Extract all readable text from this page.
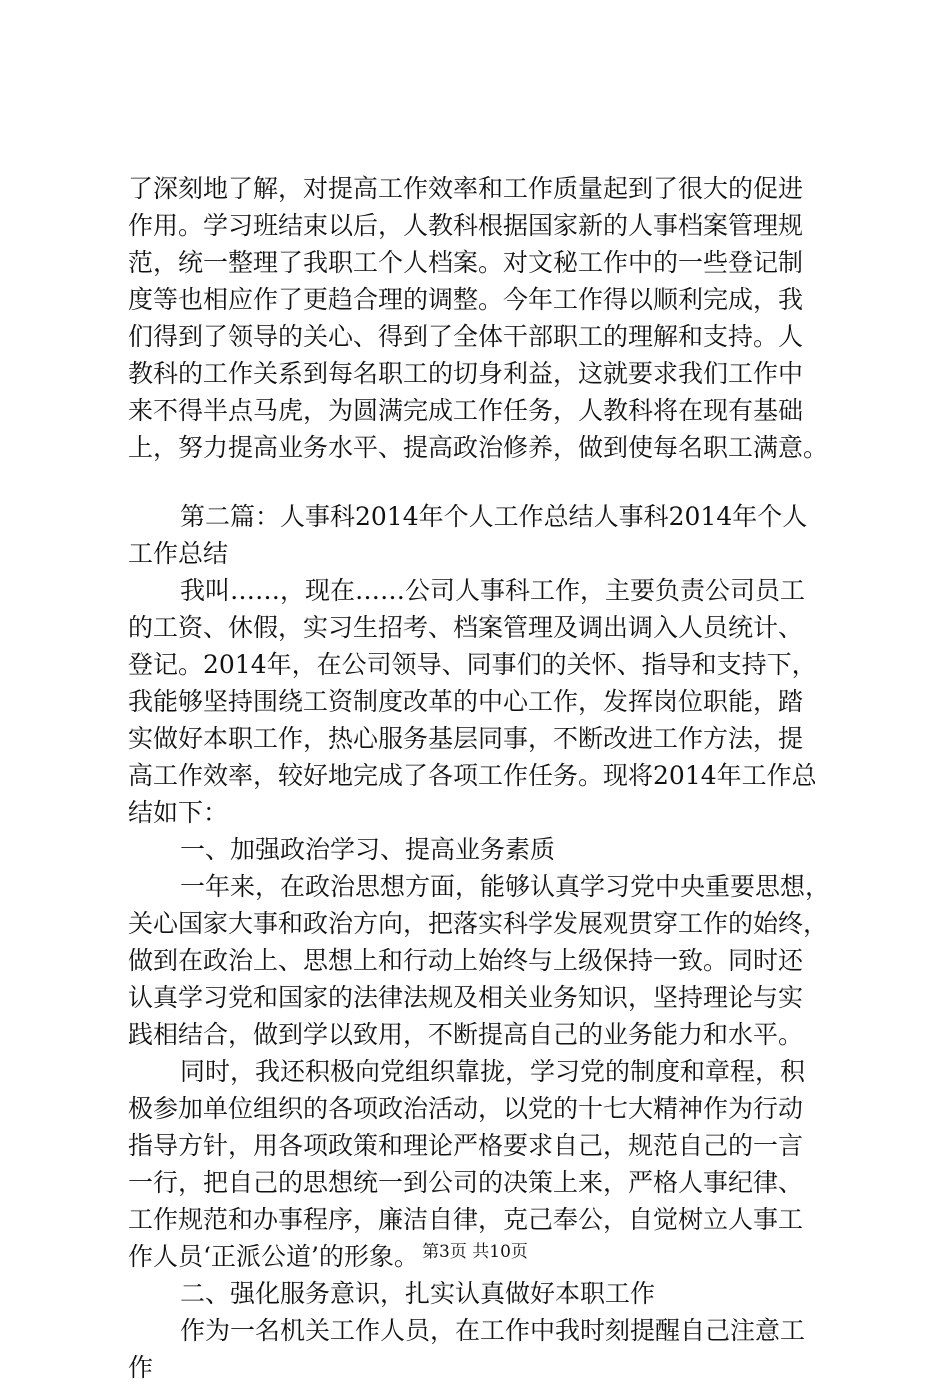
了深刻地了解，对提高工作效率和工作质量起到了很大的促进
作用。学习班结束以后，人教科根据国家新的人事档案管理规
范，统一整理了我职工个人档案。对文秘工作中的一些登记制
度等也相应作了更趋合理的调整。今年工作得以顺利完成，我
们得到了领导的关心、得到了全体干部职工的理解和支持。人
教科的工作关系到每名职工的切身利益，这就要求我们工作中
来不得半点马虎，为圆满完成工作任务，人教科将在现有基础
上，努力提高业务水平、提高政治修养，做到使每名职工满意。
第二篇：人事科2014年个人工作总结人事科2014年个人
工作总结
我叫……，现在……公司人事科工作，主要负责公司员工
的工资、休假，实习生招考、档案管理及调出调入人员统计、
登记。2014年，在公司领导、同事们的关怀、指导和支持下，
我能够坚持围绕工资制度改革的中心工作，发挥岗位职能，踏
实做好本职工作，热心服务基层同事，不断改进工作方法，提
高工作效率，较好地完成了各项工作任务。现将2014年工作总
结如下：
一、加强政治学习、提高业务素质
一年来，在政治思想方面，能够认真学习党中央重要思想，
关心国家大事和政治方向，把落实科学发展观贯穿工作的始终，
做到在政治上、思想上和行动上始终与上级保持一致。同时还
认真学习党和国家的法律法规及相关业务知识，坚持理论与实
践相结合，做到学以致用，不断提高自己的业务能力和水平。
同时，我还积极向党组织靠拢，学习党的制度和章程，积
极参加单位组织的各项政治活动，以党的十七大精神作为行动
指导方针，用各项政策和理论严格要求自己，规范自己的一言
一行，把自己的思想统一到公司的决策上来，严格人事纪律、
工作规范和办事程序，廉洁自律，克己奉公，自觉树立人事工
作人员‘正派公道’的形象。
二、强化服务意识，扎实认真做好本职工作
作为一名机关工作人员，在工作中我时刻提醒自己注意工
作
第3页 共10页
